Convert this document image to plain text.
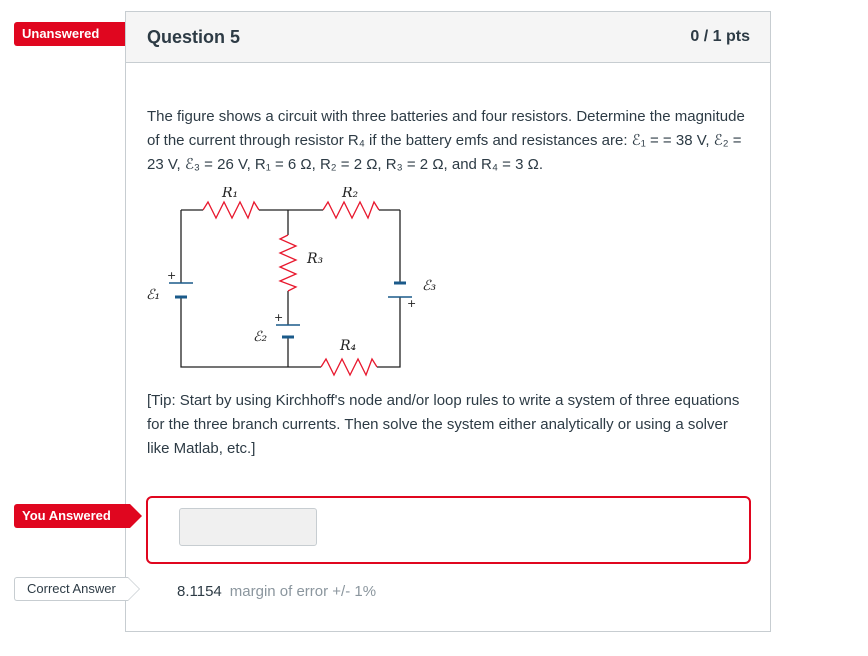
Unanswered	Question 5	0 / 1 pts
The figure shows a circuit with three batteries and four resistors. Determine the magnitude of the current through resistor R₄ if the battery emfs and resistances are: ℰ₁ = = 38 V, ℰ₂ = 23 V, ℰ₃ = 26 V, R₁ = 6 Ω, R₂ = 2 Ω, R₃ = 2 Ω, and R₄ = 3 Ω.
R₁	R₂
R₃
R₄
ℰ₁
ℰ₂
ℰ₃
+
+
+
[Tip: Start by using Kirchhoff's node and/or loop rules to write a system of three equations for the three branch currents. Then solve the system either analytically or using a solver like Matlab, etc.]
8.1154 margin of error +/- 1%
You Answered
Correct Answer
